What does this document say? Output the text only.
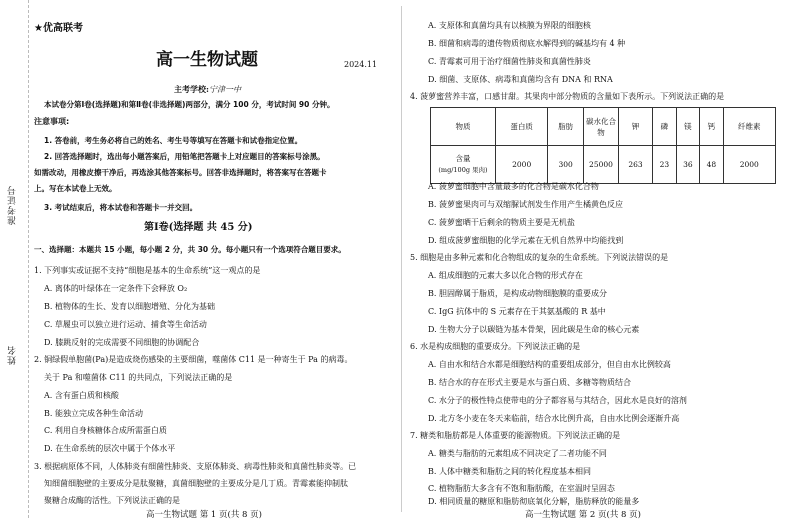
准考证号
姓名
★优高联考
高一生物试题	2024.11
主考学校:宁津一中
本试卷分第Ⅰ卷(选择题)和第Ⅱ卷(非选择题)两部分，满分 100 分，考试时间 90 分钟。
注意事项:
1. 答卷前，考生务必将自己的姓名、考生号等填写在答题卡和试卷指定位置。
2. 回答选择题时，选出每小题答案后，用铅笔把答题卡上对应题目的答案标号涂黑。
如需改动，用橡皮擦干净后，再选涂其他答案标号。回答非选择题时，将答案写在答题卡
上。写在本试卷上无效。
3. 考试结束后，将本试卷和答题卡一并交回。
第Ⅰ卷(选择题 共 45 分)
一、选择题：本题共 15 小题，每小题 2 分，共 30 分。每小题只有一个选项符合题目要求。
1. 下列事实或证据不支持“细胞是基本的生命系统”这一观点的是
A. 离体的叶绿体在一定条件下会释放 O₂
B. 植物体的生长、发育以细胞增殖、分化为基础
C. 草履虫可以独立进行运动、捕食等生命活动
D. 膝跳反射的完成需要不同细胞的协调配合
2. 铜绿假单胞菌(Pa)是造成烧伤感染的主要细菌，噬菌体 C11 是一种寄生于 Pa 的病毒。
关于 Pa 和噬菌体 C11 的共同点，下列说法正确的是
A. 含有蛋白质和核酸
B. 能独立完成各种生命活动
C. 利用自身核糖体合成所需蛋白质
D. 在生命系统的层次中属于个体水平
3. 根据病原体不同，人体肺炎有细菌性肺炎、支原体肺炎、病毒性肺炎和真菌性肺炎等。已
知细菌细胞壁的主要成分是肽聚糖，真菌细胞壁的主要成分是几丁质。青霉素能抑制肽
聚糖合成酶的活性。下列说法正确的是
高一生物试题 第 1 页(共 8 页)
A. 支原体和真菌均具有以核膜为界限的细胞核
B. 细菌和病毒的遗传物质彻底水解得到的碱基均有 4 种
C. 青霉素可用于治疗细菌性肺炎和真菌性肺炎
D. 细菌、支原体、病毒和真菌均含有 DNA 和 RNA
4. 菠萝蜜营养丰富，口感甘甜。其果肉中部分物质的含量如下表所示。下列说法正确的是
物质	蛋白质	脂肪	碳水化合物	钾	磷	镁	钙	纤维素
含量
(mg/100g 果肉)	2000	300	25000	263	23	36	48	2000
A. 菠萝蜜细胞中含量最多的化合物是碳水化合物
B. 菠萝蜜果肉可与双缩脲试剂发生作用产生橘黄色反应
C. 菠萝蜜晒干后剩余的物质主要是无机盐
D. 组成菠萝蜜细胞的化学元素在无机自然界中均能找到
5. 细胞是由多种元素和化合物组成的复杂的生命系统。下列说法错误的是
A. 组成细胞的元素大多以化合物的形式存在
B. 胆固醇属于脂质，是构成动物细胞膜的重要成分
C. IgG 抗体中的 S 元素存在于其氨基酸的 R 基中
D. 生物大分子以碳链为基本骨架，因此碳是生命的核心元素
6. 水是构成细胞的重要成分。下列说法正确的是
A. 自由水和结合水都是细胞结构的重要组成部分，但自由水比例较高
B. 结合水的存在形式主要是水与蛋白质、多糖等物质结合
C. 水分子的极性特点使带电的分子都容易与其结合，因此水是良好的溶剂
D. 北方冬小麦在冬天来临前，结合水比例升高，自由水比例会逐渐升高
7. 糖类和脂肪都是人体重要的能源物质。下列说法正确的是
A. 糖类与脂肪的元素组成不同决定了二者功能不同
B. 人体中糖类和脂肪之间的转化程度基本相同
C. 植物脂肪大多含有不饱和脂肪酸，在室温时呈固态
D. 相同质量的糖原和脂肪彻底氧化分解，脂肪释放的能量多
高一生物试题 第 2 页(共 8 页)
